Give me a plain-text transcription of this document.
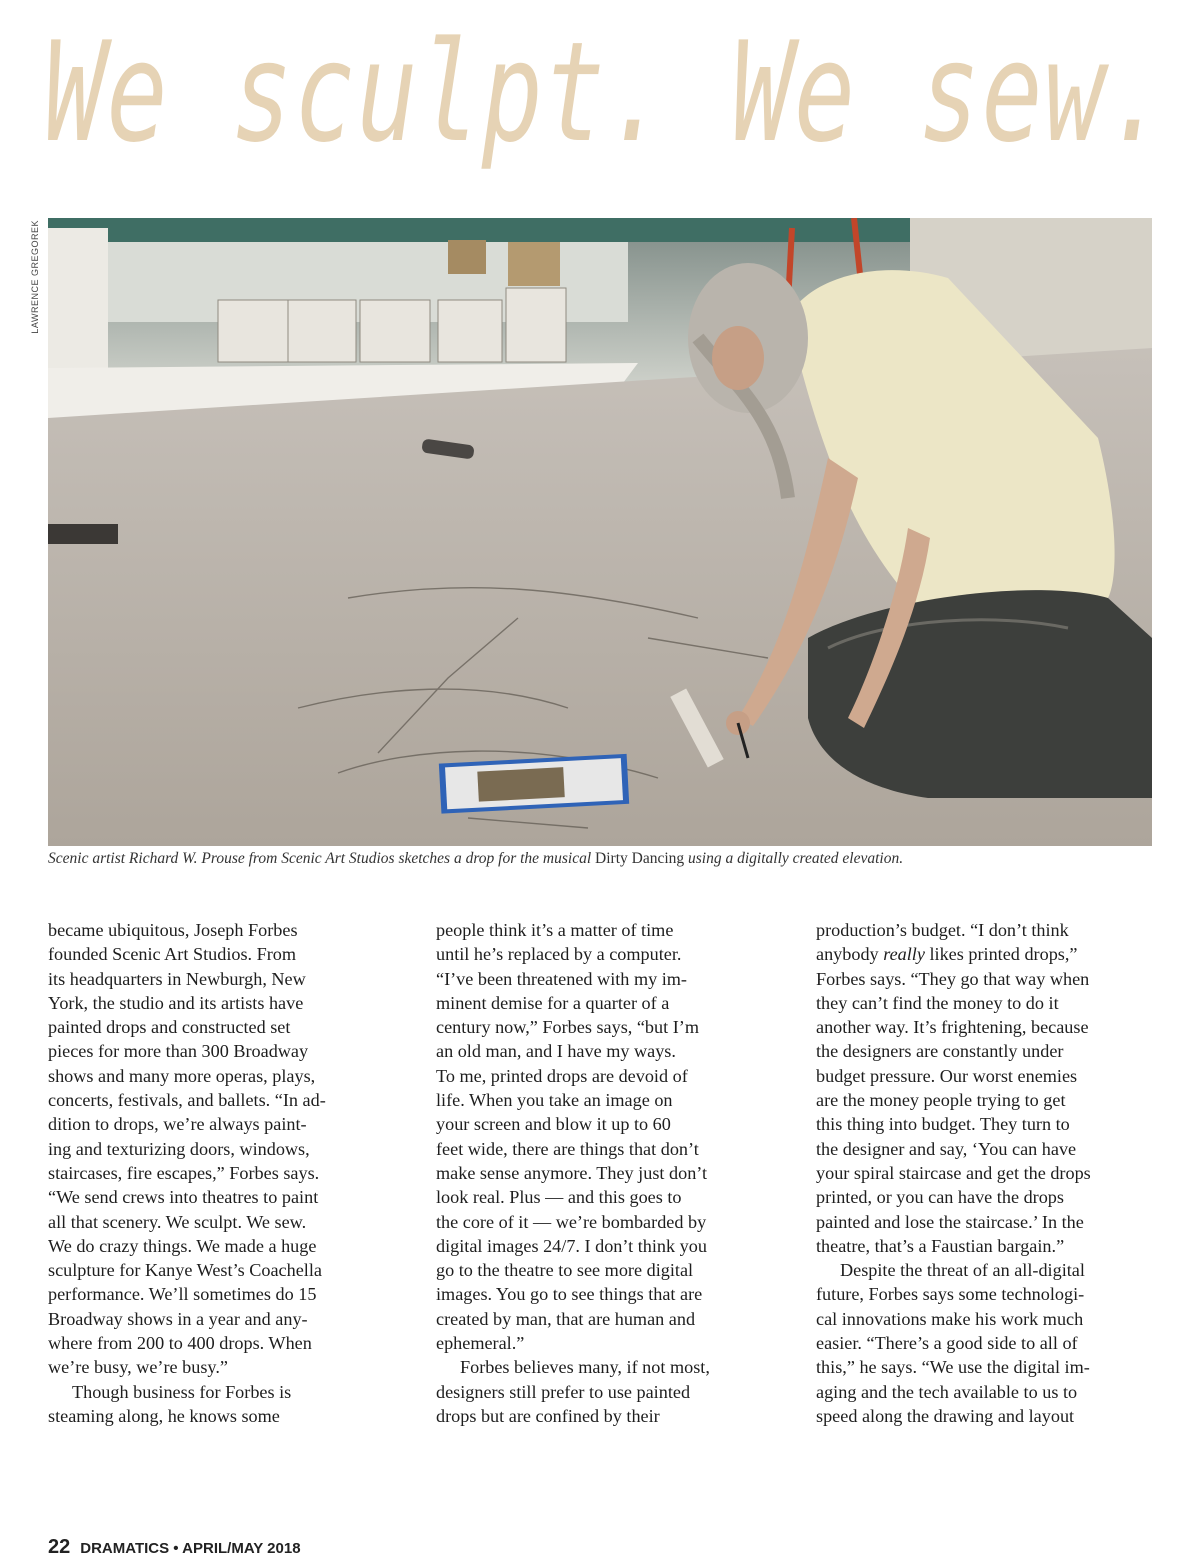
We sculpt. We sew.
LAWRENCE GREGOREK
Scenic artist Richard W. Prouse from Scenic Art Studios sketches a drop for the musical Dirty Dancing using a digitally created elevation.
became ubiquitous, Joseph Forbes
founded Scenic Art Studios. From
its headquarters in Newburgh, New
York, the studio and its artists have
painted drops and constructed set
pieces for more than 300 Broadway
shows and many more operas, plays,
concerts, festivals, and ballets. “In ad-
dition to drops, we’re always paint-
ing and texturizing doors, windows,
staircases, fire escapes,” Forbes says.
“We send crews into theatres to paint
all that scenery. We sculpt. We sew.
We do crazy things. We made a huge
sculpture for Kanye West’s Coachella
performance. We’ll sometimes do 15
Broadway shows in a year and any-
where from 200 to 400 drops. When
we’re busy, we’re busy.”
Though business for Forbes is
steaming along, he knows some
people think it’s a matter of time
until he’s replaced by a computer.
“I’ve been threatened with my im-
minent demise for a quarter of a
century now,” Forbes says, “but I’m
an old man, and I have my ways.
To me, printed drops are devoid of
life. When you take an image on
your screen and blow it up to 60
feet wide, there are things that don’t
make sense anymore. They just don’t
look real. Plus — and this goes to
the core of it — we’re bombarded by
digital images 24/7. I don’t think you
go to the theatre to see more digital
images. You go to see things that are
created by man, that are human and
ephemeral.”
Forbes believes many, if not most,
designers still prefer to use painted
drops but are confined by their
production’s budget. “I don’t think
anybody really likes printed drops,”
Forbes says. “They go that way when
they can’t find the money to do it
another way. It’s frightening, because
the designers are constantly under
budget pressure. Our worst enemies
are the money people trying to get
this thing into budget. They turn to
the designer and say, ‘You can have
your spiral staircase and get the drops
printed, or you can have the drops
painted and lose the staircase.’ In the
theatre, that’s a Faustian bargain.”
Despite the threat of an all-digital
future, Forbes says some technologi-
cal innovations make his work much
easier. “There’s a good side to all of
this,” he says. “We use the digital im-
aging and the tech available to us to
speed along the drawing and layout
22 DRAMATICS • APRIL/MAY 2018
